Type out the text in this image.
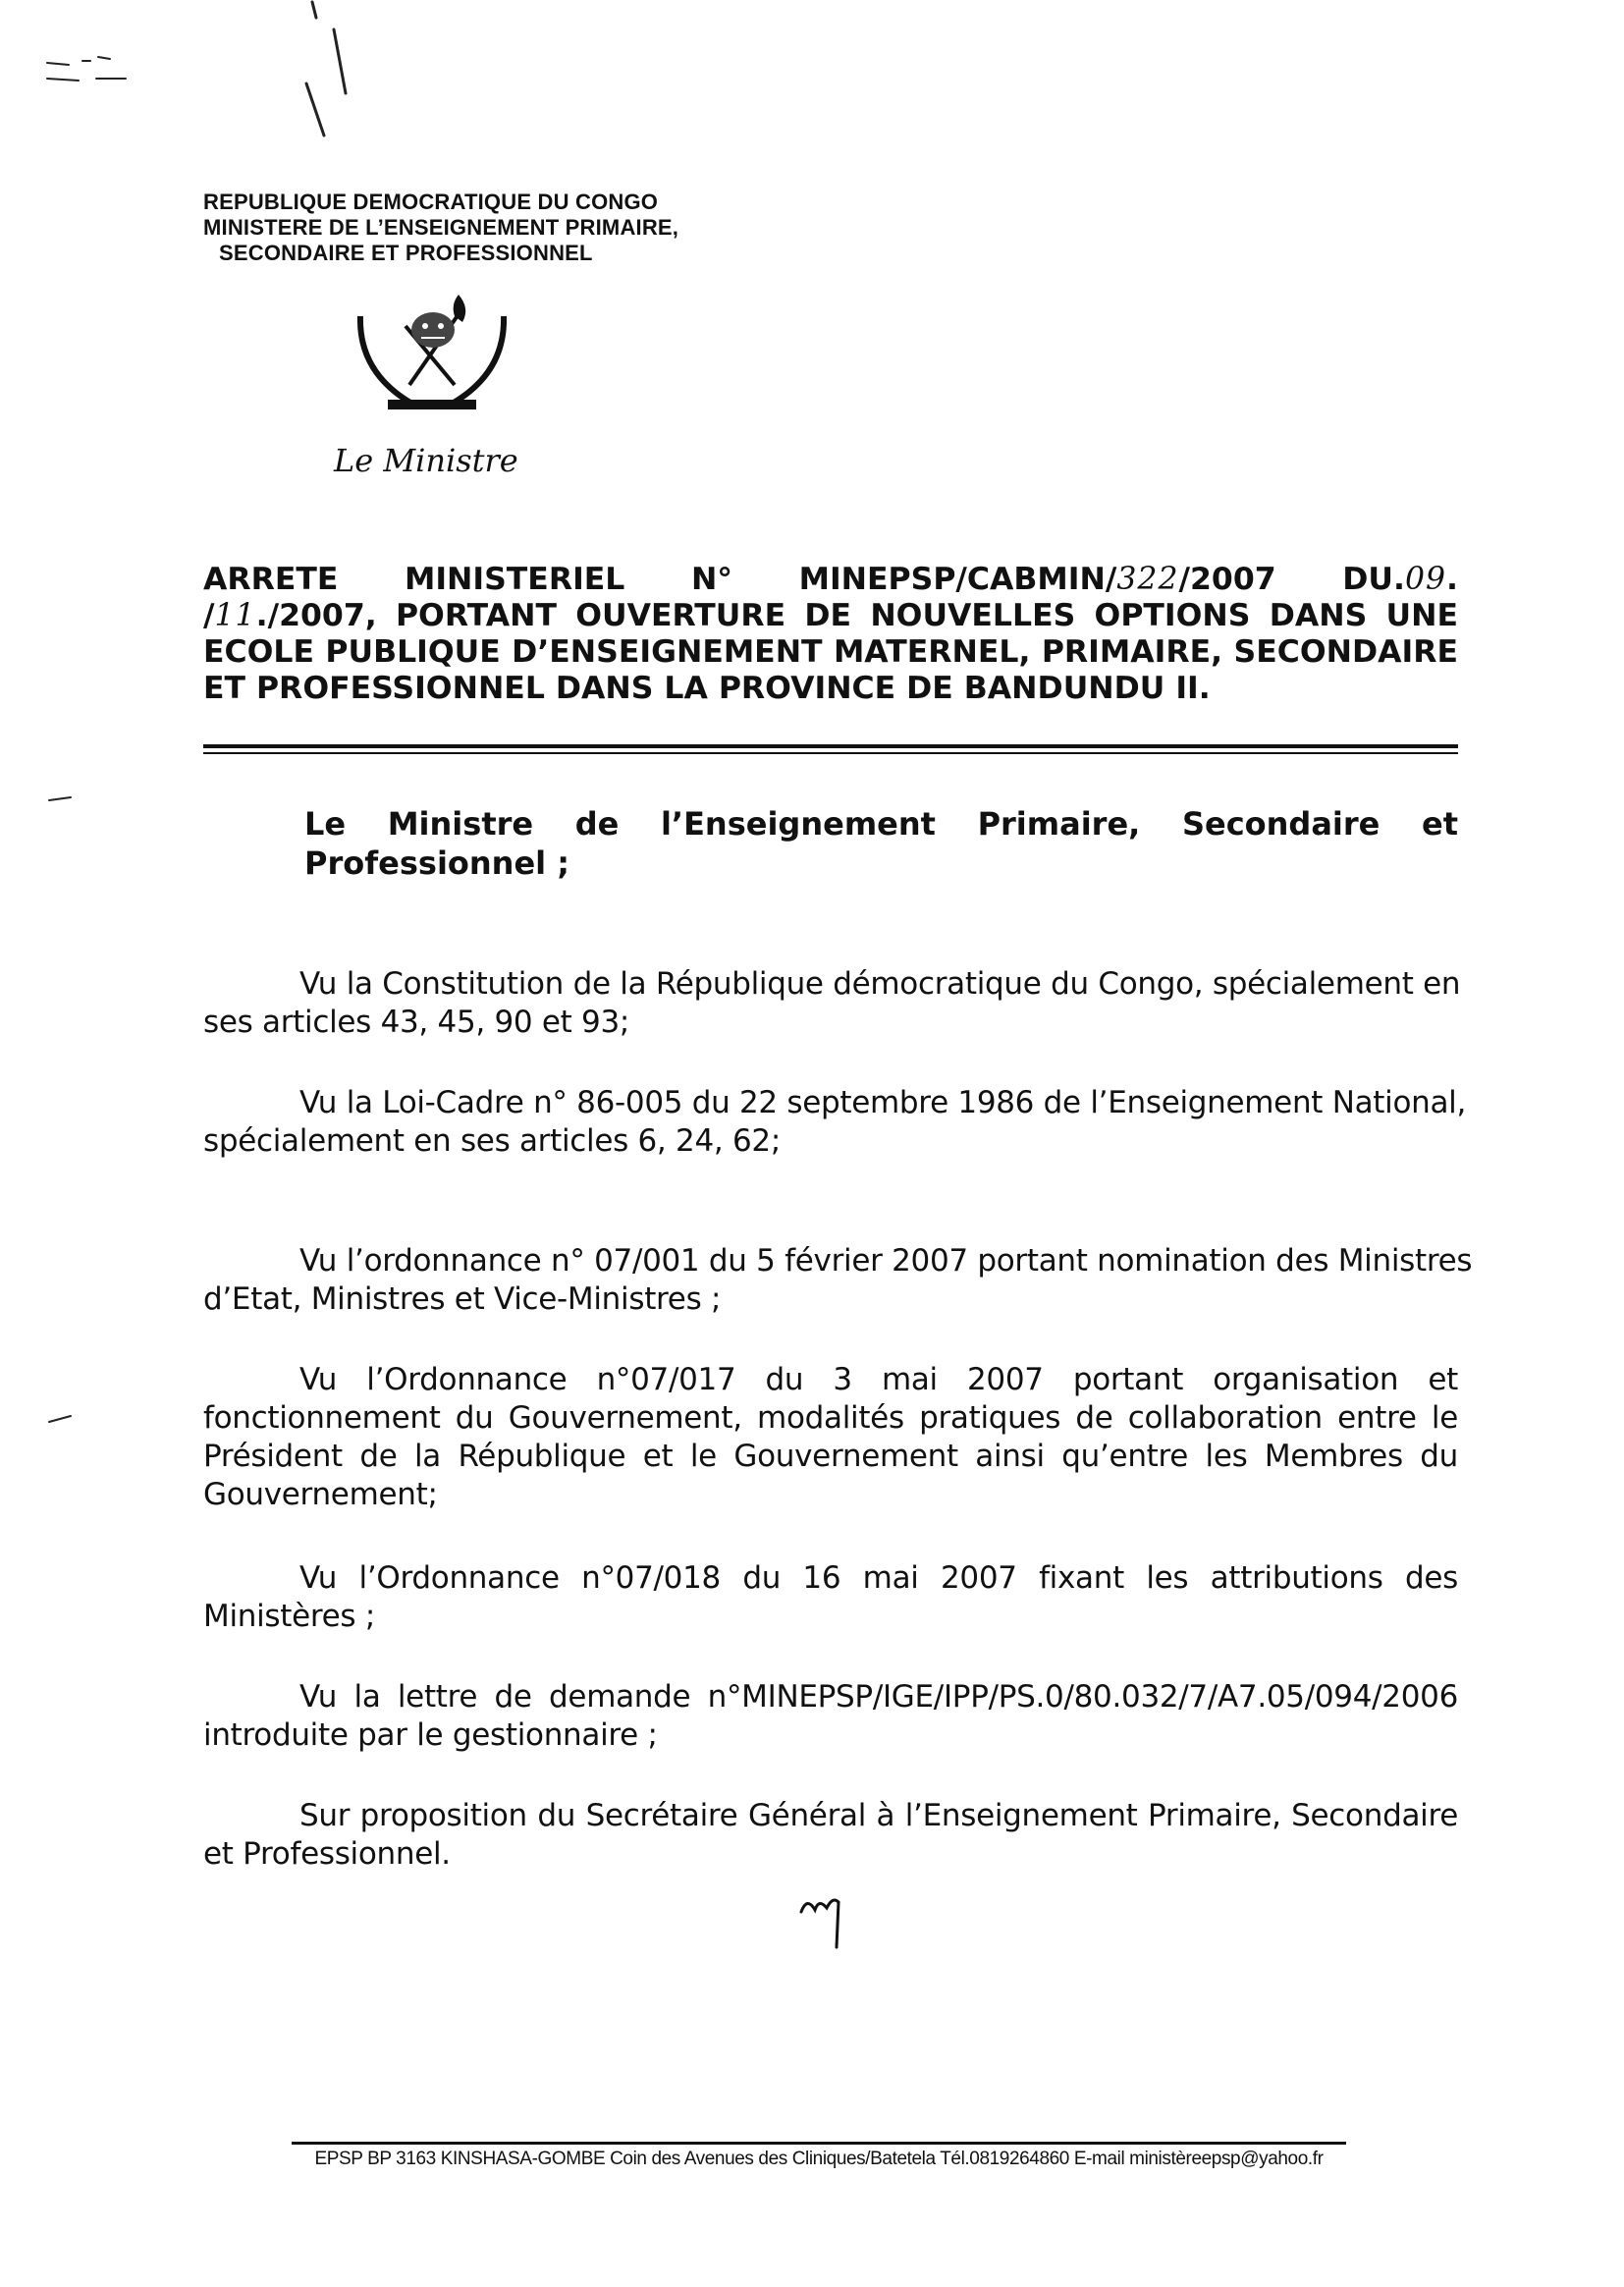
REPUBLIQUE DEMOCRATIQUE DU CONGO
MINISTERE DE L’ENSEIGNEMENT PRIMAIRE,
SECONDAIRE ET PROFESSIONNEL
Le Ministre
ARRETE MINISTERIEL N° MINEPSP/CABMIN/322/2007 DU.09.
/11./2007, PORTANT OUVERTURE DE NOUVELLES OPTIONS DANS UNE
ECOLE PUBLIQUE D’ENSEIGNEMENT MATERNEL, PRIMAIRE, SECONDAIRE
ET PROFESSIONNEL DANS LA PROVINCE DE BANDUNDU II.
Le Ministre de l’Enseignement Primaire, Secondaire et
Professionnel ;
Vu la Constitution de la République démocratique du Congo, spécialement en
ses articles 43, 45, 90 et 93;
Vu la Loi-Cadre n° 86-005 du 22 septembre 1986 de l’Enseignement National,
spécialement en ses articles 6, 24, 62;
Vu l’ordonnance n° 07/001 du 5 février 2007 portant nomination des Ministres
d’Etat, Ministres et Vice-Ministres ;
Vu l’Ordonnance n°07/017 du 3 mai 2007 portant organisation et
fonctionnement du Gouvernement, modalités pratiques de collaboration entre le
Président de la République et le Gouvernement ainsi qu’entre les Membres du
Gouvernement;
Vu l’Ordonnance n°07/018 du 16 mai 2007 fixant les attributions des
Ministères ;
Vu la lettre de demande n°MINEPSP/IGE/IPP/PS.0/80.032/7/A7.05/094/2006
introduite par le gestionnaire ;
Sur proposition du Secrétaire Général à l’Enseignement Primaire, Secondaire
et Professionnel.
EPSP BP 3163 KINSHASA-GOMBE Coin des Avenues des Cliniques/Batetela Tél.0819264860 E-mail ministèreepsp@yahoo.fr
